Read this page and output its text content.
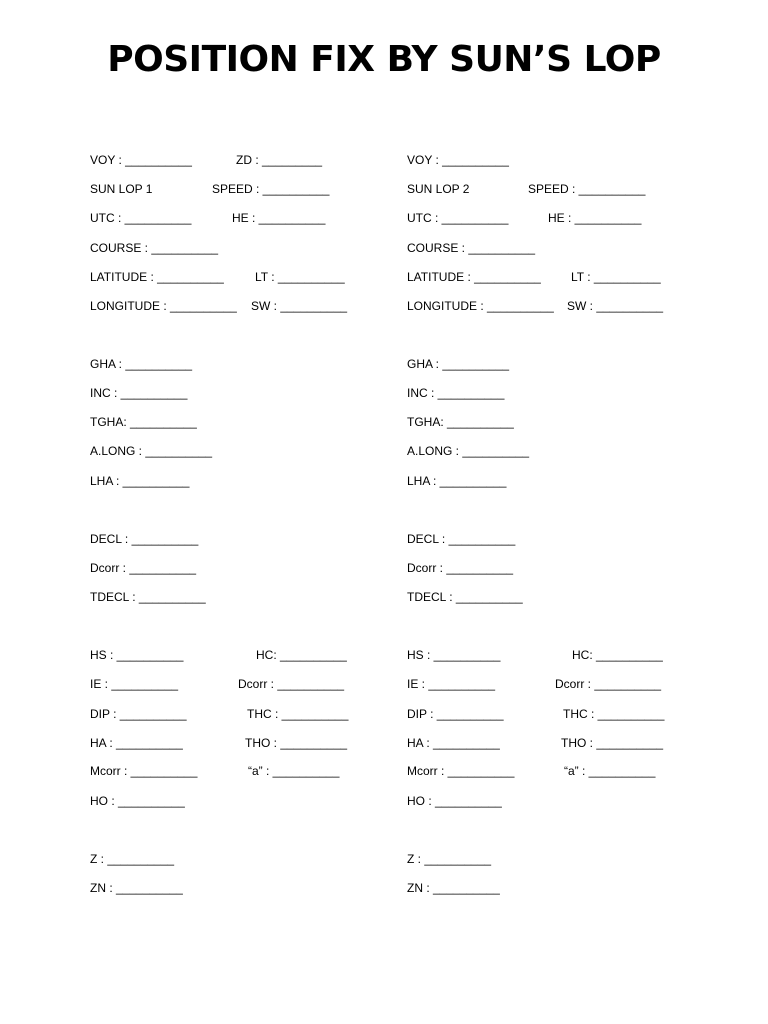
POSITION FIX BY SUN’S LOP
VOY : __________	ZD : _________
SUN LOP 1	SPEED : __________
UTC : __________	HE : __________
COURSE : __________
LATITUDE : __________	LT : __________
LONGITUDE : __________ SW : __________
GHA : __________
INC : __________
TGHA: __________
A.LONG : __________
LHA : __________
DECL : __________
Dcorr : __________
TDECL : __________
HS : __________	HC: __________
IE : __________	Dcorr : __________
DIP : __________	THC : __________
HA : __________	THO : __________
Mcorr : __________	“a” : __________
HO : __________
Z : __________
ZN : __________
VOY : __________
SUN LOP 2	SPEED : __________
UTC : __________	HE : __________
COURSE : __________
LATITUDE : __________	LT : __________
LONGITUDE : __________ SW : __________
GHA : __________
INC : __________
TGHA: __________
A.LONG : __________
LHA : __________
DECL : __________
Dcorr : __________
TDECL : __________
HS : __________	HC: __________
IE : __________	Dcorr : __________
DIP : __________	THC : __________
HA : __________	THO : __________
Mcorr : __________	“a” : __________
HO : __________
Z : __________
ZN : __________
